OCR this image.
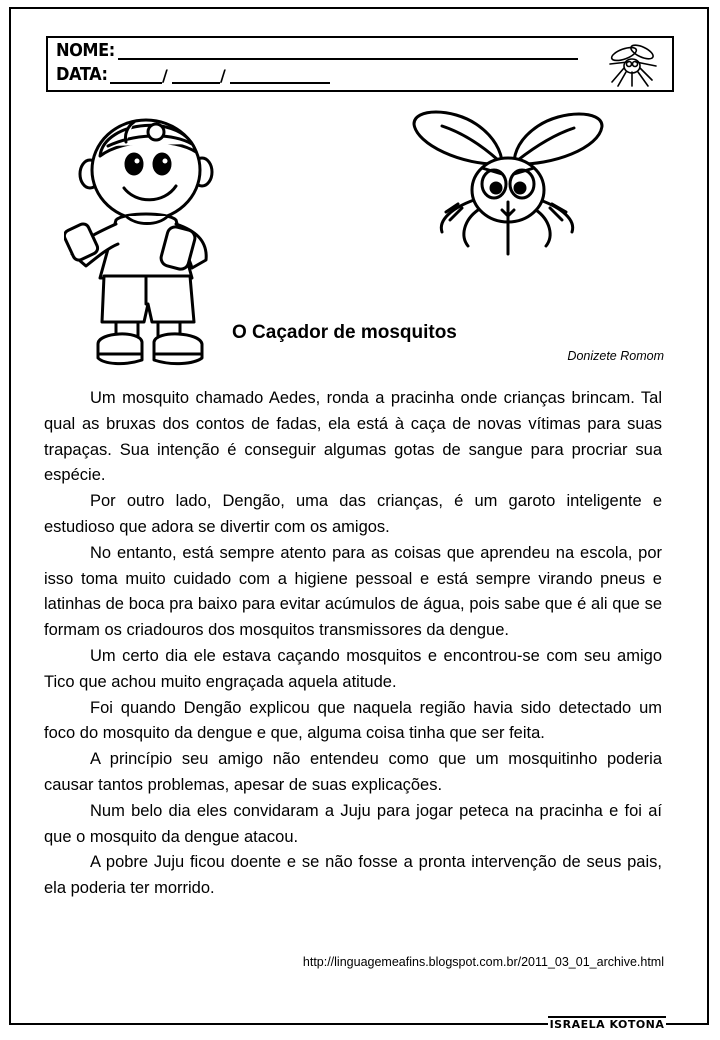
NOME:
DATA:	/	/
O Caçador de mosquitos
Donizete Romom

Um mosquito chamado Aedes, ronda a pracinha onde crianças brincam. Tal qual as bruxas dos contos de fadas, ela está à caça de novas vítimas para suas trapaças. Sua intenção é conseguir algumas gotas de sangue para procriar sua espécie.

Por outro lado, Dengão, uma das crianças, é um garoto inteligente e estudioso que adora se divertir com os amigos.

No entanto, está sempre atento para as coisas que aprendeu na escola, por isso toma muito cuidado com a higiene pessoal e está sempre virando pneus e latinhas de boca pra baixo para evitar acúmulos de água, pois sabe que é ali que se formam os criadouros dos mosquitos transmissores da dengue.

Um certo dia ele estava caçando mosquitos e encontrou-se com seu amigo Tico que achou muito engraçada aquela atitude.

Foi quando Dengão explicou que naquela região havia sido detectado um foco do mosquito da dengue e que, alguma coisa tinha que ser feita.

A princípio seu amigo não entendeu como que um mosquitinho poderia causar tantos problemas, apesar de suas explicações.

Num belo dia eles convidaram a Juju para jogar peteca na pracinha e foi aí que o mosquito da dengue atacou.

A pobre Juju ficou doente e se não fosse a pronta intervenção de seus pais, ela poderia ter morrido.

http://linguagemeafins.blogspot.com.br/2011_03_01_archive.html
ISRAELA KOTONA
